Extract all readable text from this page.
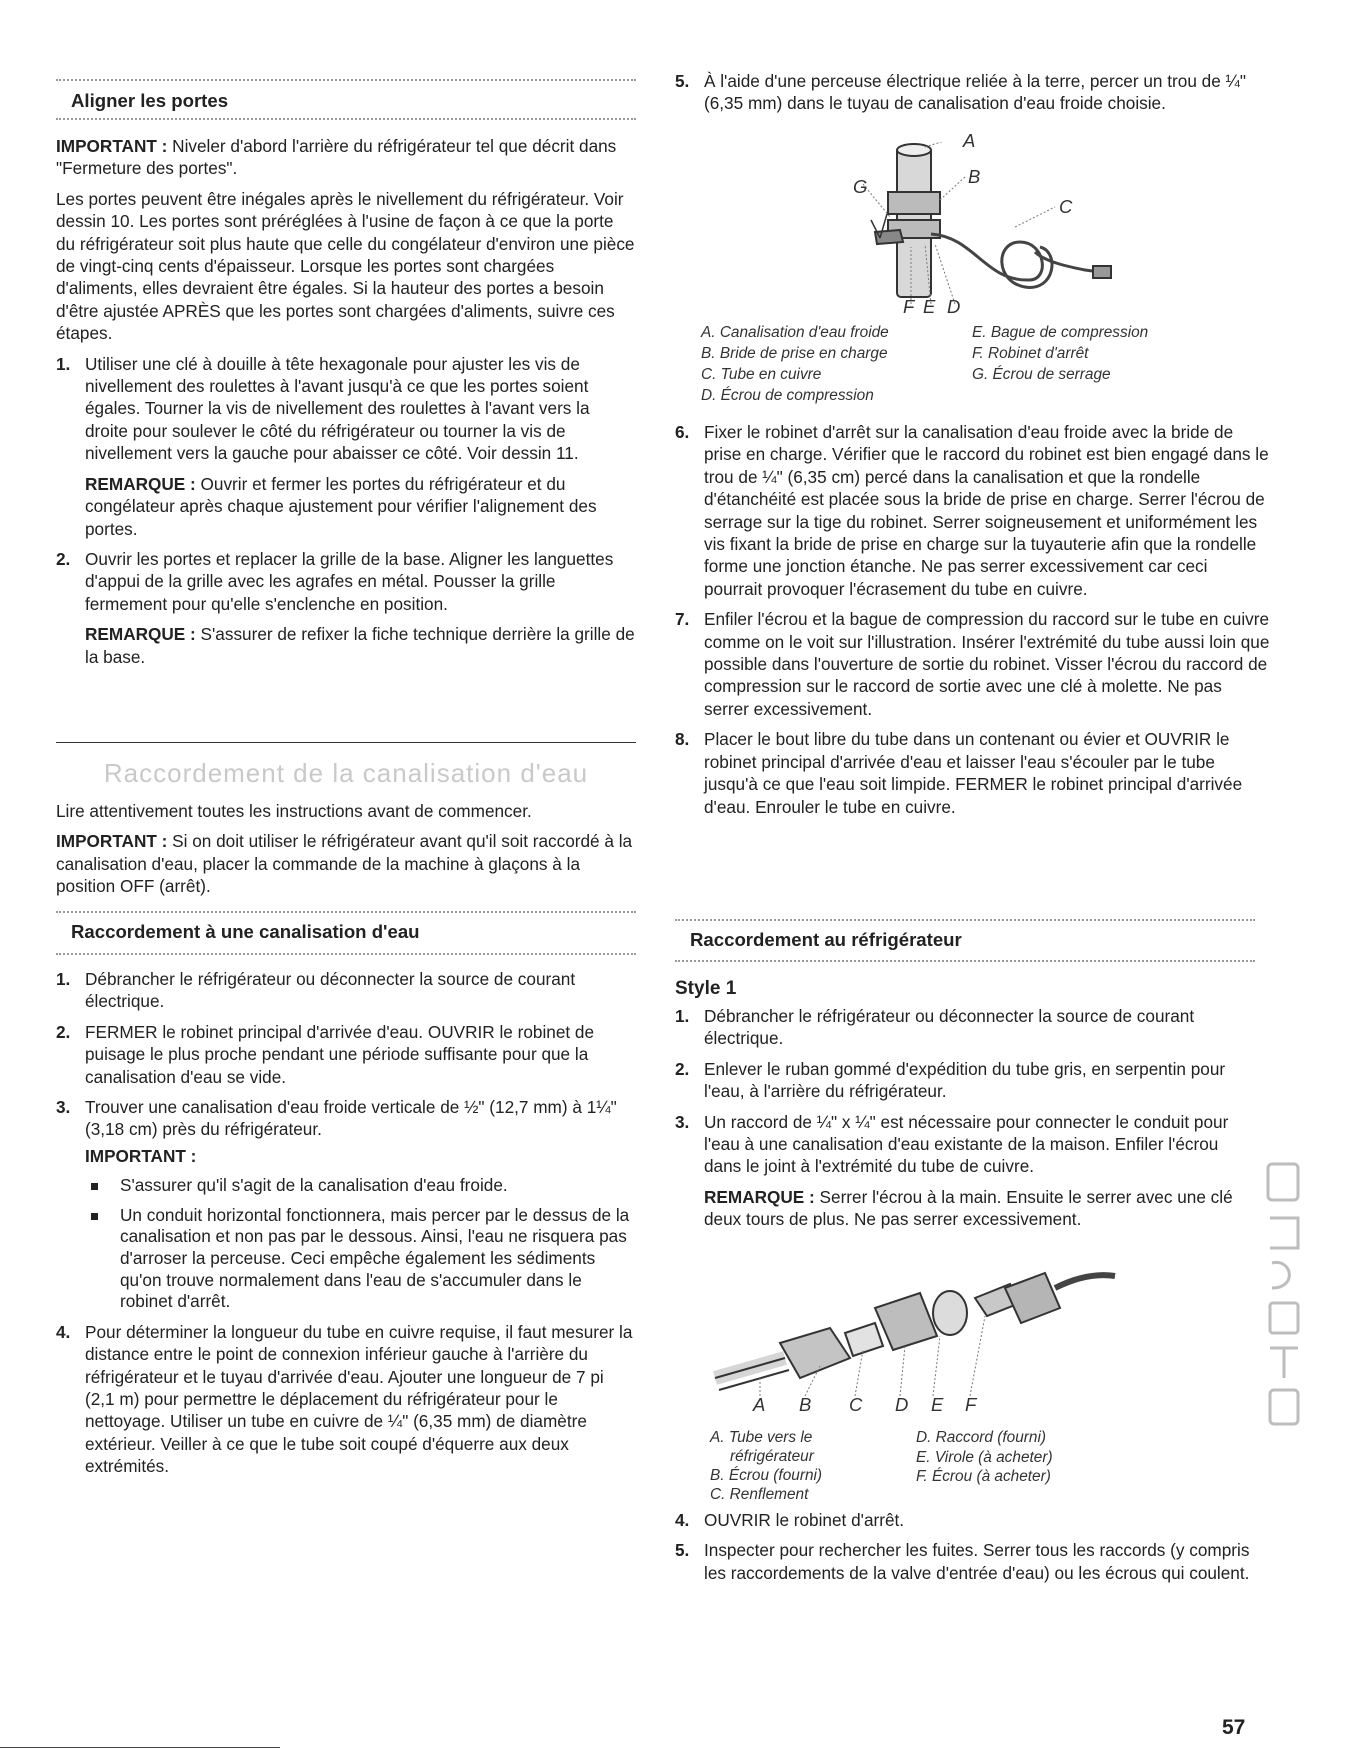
Aligner les portes

IMPORTANT : Niveler d'abord l'arrière du réfrigérateur tel que décrit dans "Fermeture des portes".

Les portes peuvent être inégales après le nivellement du réfrigérateur. Voir dessin 10. Les portes sont préréglées à l'usine de façon à ce que la porte du réfrigérateur soit plus haute que celle du congélateur d'environ une pièce de vingt-cinq cents d'épaisseur. Lorsque les portes sont chargées d'aliments, elles devraient être égales. Si la hauteur des portes a besoin d'être ajustée APRÈS que les portes sont chargées d'aliments, suivre ces étapes.

1. Utiliser une clé à douille à tête hexagonale pour ajuster les vis de nivellement des roulettes à l'avant jusqu'à ce que les portes soient égales. Tourner la vis de nivellement des roulettes à l'avant vers la droite pour soulever le côté du réfrigérateur ou tourner la vis de nivellement vers la gauche pour abaisser ce côté. Voir dessin 11.
REMARQUE : Ouvrir et fermer les portes du réfrigérateur et du congélateur après chaque ajustement pour vérifier l'alignement des portes.
2. Ouvrir les portes et replacer la grille de la base. Aligner les languettes d'appui de la grille avec les agrafes en métal. Pousser la grille fermement pour qu'elle s'enclenche en position.
REMARQUE : S'assurer de refixer la fiche technique derrière la grille de la base.
Raccordement de la canalisation d'eau

Lire attentivement toutes les instructions avant de commencer.

IMPORTANT : Si on doit utiliser le réfrigérateur avant qu'il soit raccordé à la canalisation d'eau, placer la commande de la machine à glaçons à la position OFF (arrêt).

Raccordement à une canalisation d'eau
1. Débrancher le réfrigérateur ou déconnecter la source de courant électrique.
2. FERMER le robinet principal d'arrivée d'eau. OUVRIR le robinet de puisage le plus proche pendant une période suffisante pour que la canalisation d'eau se vide.
3. Trouver une canalisation d'eau froide verticale de ½" (12,7 mm) à 1¼" (3,18 cm) près du réfrigérateur.
IMPORTANT :
S'assurer qu'il s'agit de la canalisation d'eau froide.
Un conduit horizontal fonctionnera, mais percer par le dessus de la canalisation et non pas par le dessous. Ainsi, l'eau ne risquera pas d'arroser la perceuse. Ceci empêche également les sédiments qu'on trouve normalement dans l'eau de s'accumuler dans le robinet d'arrêt.
4. Pour déterminer la longueur du tube en cuivre requise, il faut mesurer la distance entre le point de connexion inférieur gauche à l'arrière du réfrigérateur et le tuyau d'arrivée d'eau. Ajouter une longueur de 7 pi (2,1 m) pour permettre le déplacement du réfrigérateur pour le nettoyage. Utiliser un tube en cuivre de ¼" (6,35 mm) de diamètre extérieur. Veiller à ce que le tube soit coupé d'équerre aux deux extrémités.
5. À l'aide d'une perceuse électrique reliée à la terre, percer un trou de ¼" (6,35 mm) dans le tuyau de canalisation d'eau froide choisie.
A
B
C
D
E
F
G
A. Canalisation d'eau froide
B. Bride de prise en charge
C. Tube en cuivre
D. Écrou de compression
E. Bague de compression
F. Robinet d'arrêt
G. Écrou de serrage
6. Fixer le robinet d'arrêt sur la canalisation d'eau froide avec la bride de prise en charge. Vérifier que le raccord du robinet est bien engagé dans le trou de ¼" (6,35 cm) percé dans la canalisation et que la rondelle d'étanchéité est placée sous la bride de prise en charge. Serrer l'écrou de serrage sur la tige du robinet. Serrer soigneusement et uniformément les vis fixant la bride de prise en charge sur la tuyauterie afin que la rondelle forme une jonction étanche. Ne pas serrer excessivement car ceci pourrait provoquer l'écrasement du tube en cuivre.
7. Enfiler l'écrou et la bague de compression du raccord sur le tube en cuivre comme on le voit sur l'illustration. Insérer l'extrémité du tube aussi loin que possible dans l'ouverture de sortie du robinet. Visser l'écrou du raccord de compression sur le raccord de sortie avec une clé à molette. Ne pas serrer excessivement.
8. Placer le bout libre du tube dans un contenant ou évier et OUVRIR le robinet principal d'arrivée d'eau et laisser l'eau s'écouler par le tube jusqu'à ce que l'eau soit limpide. FERMER le robinet principal d'arrivée d'eau. Enrouler le tube en cuivre.
Raccordement au réfrigérateur
Style 1
1. Débrancher le réfrigérateur ou déconnecter la source de courant électrique.
2. Enlever le ruban gommé d'expédition du tube gris, en serpentin pour l'eau, à l'arrière du réfrigérateur.
3. Un raccord de ¼" x ¼" est nécessaire pour connecter le conduit pour l'eau à une canalisation d'eau existante de la maison. Enfiler l'écrou dans le joint à l'extrémité du tube de cuivre.
REMARQUE : Serrer l'écrou à la main. Ensuite le serrer avec une clé deux tours de plus. Ne pas serrer excessivement.
A B C D E F
A. Tube vers le
réfrigérateur
B. Écrou (fourni)
C. Renflement
D. Raccord (fourni)
E. Virole (à acheter)
F. Écrou (à acheter)
4. OUVRIR le robinet d'arrêt.
5. Inspecter pour rechercher les fuites. Serrer tous les raccords (y compris les raccordements de la valve d'entrée d'eau) ou les écrous qui coulent.
57
